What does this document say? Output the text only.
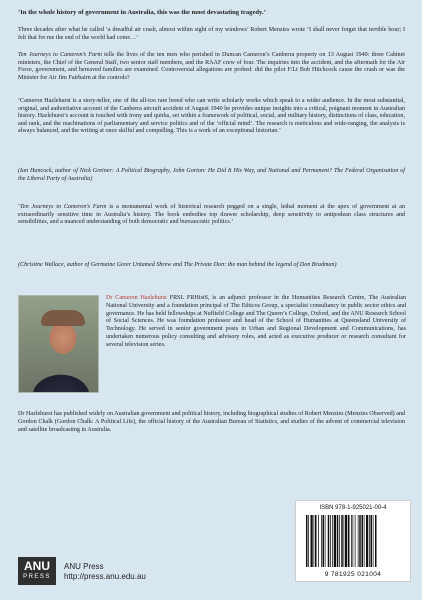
‘In the whole history of government in Australia, this was the most devastating tragedy.’
Three decades after what he called ‘a dreadful air crash, almost within sight of my windows’ Robert Menzies wrote ‘I shall never forget that terrible hour; I felt that for me the end of the world had come…’
Ten Journeys to Cameron’s Farm tells the lives of the ten men who perished in Duncan Cameron’s Canberra property on 13 August 1940: three Cabinet ministers, the Chief of the General Staff, two senior staff members, and the RAAF crew of four. The inquiries into the accident, and the aftermath for the Air Force, government, and bereaved families are examined. Controversial allegations are probed: did the pilot F/Lt Bob Hitchcock cause the crash or was the Minister for Air Jim Fairbairn at the controls?
‘Cameron Hazlehurst is a story-teller, one of the all-too rare breed who can write scholarly works which speak to a wider audience. In the most substantial, original, and authoritative account of the Canberra aircraft accident of August 1940 he provides unique insights into a critical, poignant moment in Australian history. Hazlehurst’s account is touched with irony and quirks, set within a framework of political, social, and military history, distinctions of class, education, and rank, and the machinations of parliamentary and service politics and of the ‘official mind’. The research is meticulous and wide-ranging, the analysis is always balanced, and the writing at once skilful and compelling. This is a work of an exceptional historian.’
(Ian Hancock, author of Nick Greiner: A Political Biography, John Gorton: He Did It His Way, and National and Permanent? The Federal Organisation of the Liberal Party of Australia)
‘Ten Journeys to Cameron’s Farm is a monumental work of historical research pegged on a single, lethal moment at the apex of government at an extraordinarily sensitive time in Australia’s history. The book embodies top drawer scholarship, deep sensitivity to antipodean class structures and sensibilities, and a nuanced understanding of both democratic and bureaucratic politics.’
(Christine Wallace, author of Germaine Greer Untamed Shrew and The Private Don: the man behind the legend of Don Bradman)
Dr Cameron Hazlehurst FRSL FRHistS, is an adjunct professor in the Humanities Research Centre, The Australian National University and a foundation principal of The Ethicos Group, a specialist consultancy in public sector ethics and governance. He has held fellowships at Nuffield College and The Queen’s College, Oxford, and the ANU Research School of Social Sciences. He was foundation professor and head of the School of Humanities at Queensland University of Technology. He served in senior government posts in Urban and Regional Development and Communications, has undertaken numerous policy consulting and advisory roles, and acted as executive producer or research consultant for several television series.
Dr Hazlehurst has published widely on Australian government and political history, including biographical studies of Robert Menzies (Menzies Observed) and Gordon Chalk (Gordon Chalk: A Political Life), the official history of the Australian Bureau of Statistics, and studies of the advent of commercial television and satellite broadcasting in Australia.
ISBN 978-1-925021-00-4
9 781925 021004
ANU
PRESS
ANU Press
http://press.anu.edu.au
